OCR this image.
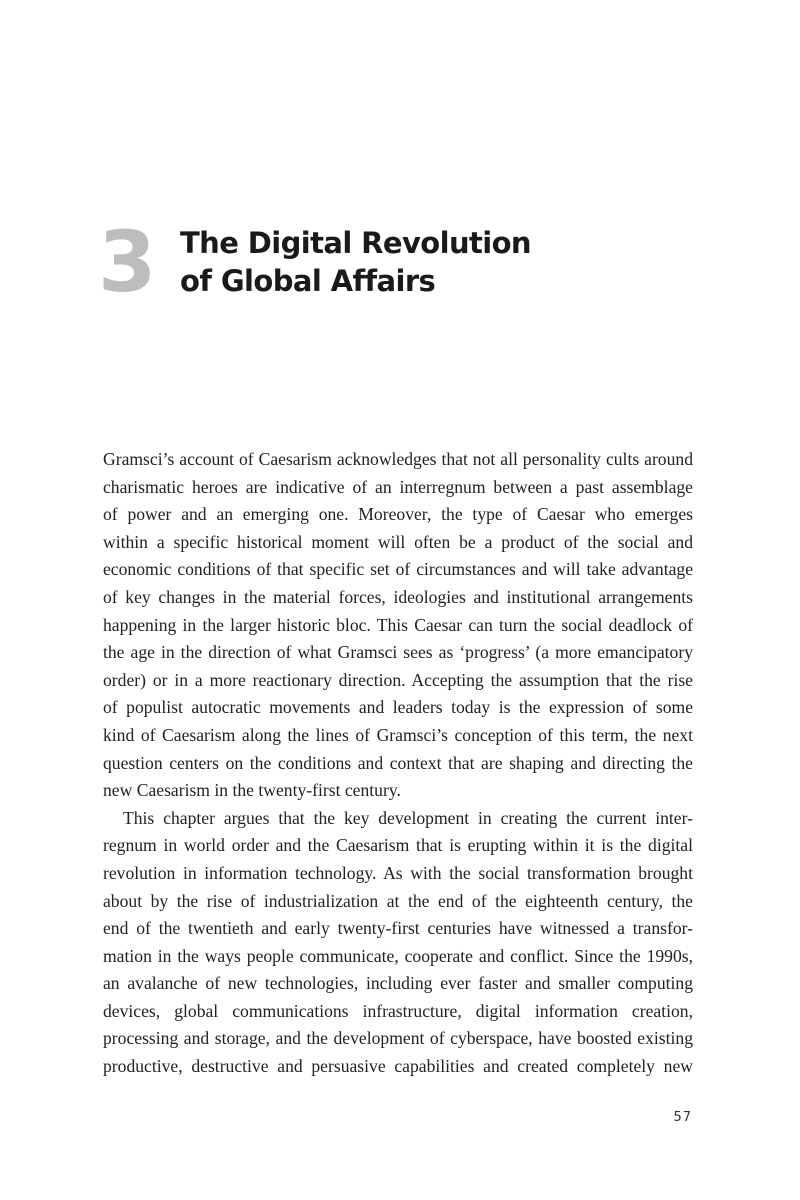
3 The Digital Revolution
of Global Affairs
Gramsci’s account of Caesarism acknowledges that not all personality cults around
charismatic heroes are indicative of an interregnum between a past assemblage
of power and an emerging one. Moreover, the type of Caesar who emerges
within a specific historical moment will often be a product of the social and
economic conditions of that specific set of circumstances and will take advantage
of key changes in the material forces, ideologies and institutional arrangements
happening in the larger historic bloc. This Caesar can turn the social deadlock of
the age in the direction of what Gramsci sees as ‘progress’ (a more emancipatory
order) or in a more reactionary direction. Accepting the assumption that the rise
of populist autocratic movements and leaders today is the expression of some
kind of Caesarism along the lines of Gramsci’s conception of this term, the next
question centers on the conditions and context that are shaping and directing the
new Caesarism in the twenty-first century.
This chapter argues that the key development in creating the current inter-
regnum in world order and the Caesarism that is erupting within it is the digital
revolution in information technology. As with the social transformation brought
about by the rise of industrialization at the end of the eighteenth century, the
end of the twentieth and early twenty-first centuries have witnessed a transfor-
mation in the ways people communicate, cooperate and conflict. Since the 1990s,
an avalanche of new technologies, including ever faster and smaller computing
devices, global communications infrastructure, digital information creation,
processing and storage, and the development of cyberspace, have boosted existing
productive, destructive and persuasive capabilities and created completely new
57
